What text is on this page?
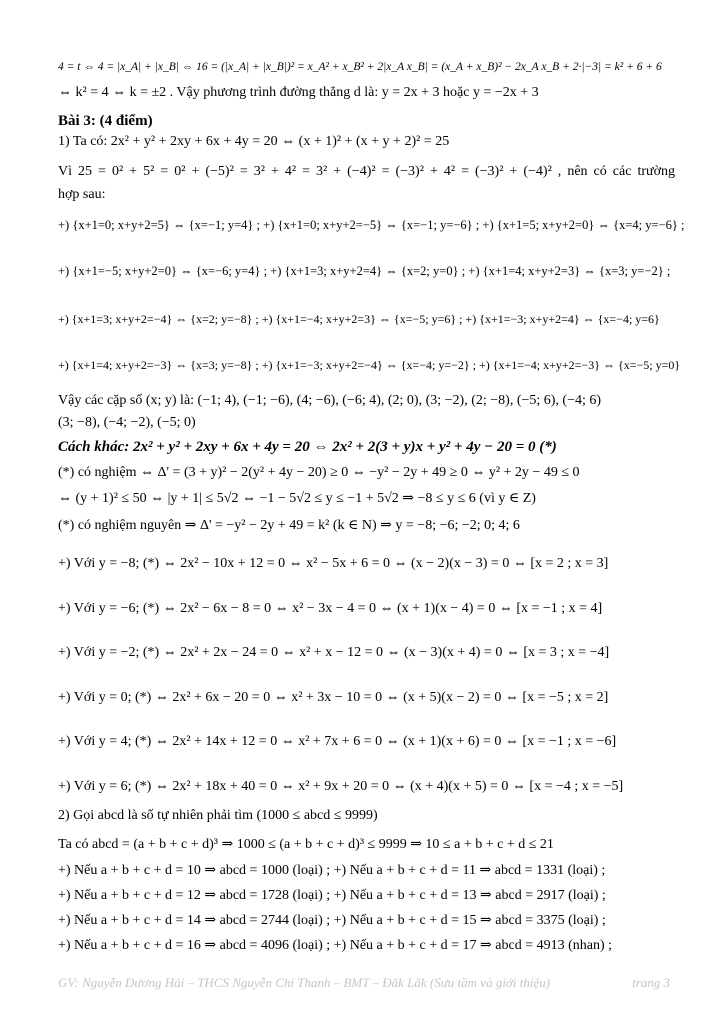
4 = t ⇔ 4 = |x_A| + |x_B| ⇔ 16 = (|x_A| + |x_B|)² = x_A² + x_B² + 2|x_A x_B| = (x_A + x_B)² − 2x_A x_B + 2·|−3| = k² + 6 + 6
⇔ k² = 4 ⇔ k = ±2 . Vậy phương trình đường thẳng d là: y = 2x + 3 hoặc y = −2x + 3
Bài 3: (4 điểm)
1) Ta có: 2x² + y² + 2xy + 6x + 4y = 20 ⇔ (x + 1)² + (x + y + 2)² = 25
Vì 25 = 0² + 5² = 0² + (−5)² = 3² + 4² = 3² + (−4)² = (−3)² + 4² = (−3)² + (−4)² , nên có các trường
hợp sau:
+) {x+1=0; x+y+2=5} ⇔ {x=−1; y=4} ; +) {x+1=0; x+y+2=−5} ⇔ {x=−1; y=−6} ; +) {x+1=5; x+y+2=0} ⇔ {x=4; y=−6} ;
+) {x+1=−5; x+y+2=0} ⇔ {x=−6; y=4} ; +) {x+1=3; x+y+2=4} ⇔ {x=2; y=0} ; +) {x+1=4; x+y+2=3} ⇔ {x=3; y=−2} ;
+) {x+1=3; x+y+2=−4} ⇔ {x=2; y=−8} ; +) {x+1=−4; x+y+2=3} ⇔ {x=−5; y=6} ; +) {x+1=−3; x+y+2=4} ⇔ {x=−4; y=6}
+) {x+1=4; x+y+2=−3} ⇔ {x=3; y=−8} ; +) {x+1=−3; x+y+2=−4} ⇔ {x=−4; y=−2} ; +) {x+1=−4; x+y+2=−3} ⇔ {x=−5; y=0}
Vậy các cặp số (x; y) là: (−1; 4), (−1; −6), (4; −6), (−6; 4), (2; 0), (3; −2), (2; −8), (−5; 6), (−4; 6)
(3; −8), (−4; −2), (−5; 0)
Cách khác: 2x² + y² + 2xy + 6x + 4y = 20 ⇔ 2x² + 2(3 + y)x + y² + 4y − 20 = 0 (*)
(*) có nghiệm ⇔ Δ' = (3 + y)² − 2(y² + 4y − 20) ≥ 0 ⇔ −y² − 2y + 49 ≥ 0 ⇔ y² + 2y − 49 ≤ 0
⇔ (y + 1)² ≤ 50 ⇔ |y + 1| ≤ 5√2 ⇔ −1 − 5√2 ≤ y ≤ −1 + 5√2 ⇒ −8 ≤ y ≤ 6 (vì y ∈ Z)
(*) có nghiệm nguyên ⇒ Δ' = −y² − 2y + 49 = k² (k ∈ N) ⇒ y = −8; −6; −2; 0; 4; 6
+) Với y = −8; (*) ⇔ 2x² − 10x + 12 = 0 ⇔ x² − 5x + 6 = 0 ⇔ (x − 2)(x − 3) = 0 ⇔ [x = 2 ; x = 3]
+) Với y = −6; (*) ⇔ 2x² − 6x − 8 = 0 ⇔ x² − 3x − 4 = 0 ⇔ (x + 1)(x − 4) = 0 ⇔ [x = −1 ; x = 4]
+) Với y = −2; (*) ⇔ 2x² + 2x − 24 = 0 ⇔ x² + x − 12 = 0 ⇔ (x − 3)(x + 4) = 0 ⇔ [x = 3 ; x = −4]
+) Với y = 0; (*) ⇔ 2x² + 6x − 20 = 0 ⇔ x² + 3x − 10 = 0 ⇔ (x + 5)(x − 2) = 0 ⇔ [x = −5 ; x = 2]
+) Với y = 4; (*) ⇔ 2x² + 14x + 12 = 0 ⇔ x² + 7x + 6 = 0 ⇔ (x + 1)(x + 6) = 0 ⇔ [x = −1 ; x = −6]
+) Với y = 6; (*) ⇔ 2x² + 18x + 40 = 0 ⇔ x² + 9x + 20 = 0 ⇔ (x + 4)(x + 5) = 0 ⇔ [x = −4 ; x = −5]
2) Gọi abcd là số tự nhiên phải tìm (1000 ≤ abcd ≤ 9999)
Ta có abcd = (a + b + c + d)³ ⇒ 1000 ≤ (a + b + c + d)³ ≤ 9999 ⇒ 10 ≤ a + b + c + d ≤ 21
+) Nếu a + b + c + d = 10 ⇒ abcd = 1000 (loại) ; +) Nếu a + b + c + d = 11 ⇒ abcd = 1331 (loại) ;
+) Nếu a + b + c + d = 12 ⇒ abcd = 1728 (loại) ; +) Nếu a + b + c + d = 13 ⇒ abcd = 2917 (loại) ;
+) Nếu a + b + c + d = 14 ⇒ abcd = 2744 (loại) ; +) Nếu a + b + c + d = 15 ⇒ abcd = 3375 (loại) ;
+) Nếu a + b + c + d = 16 ⇒ abcd = 4096 (loại) ; +) Nếu a + b + c + d = 17 ⇒ abcd = 4913 (nhan) ;
GV: Nguyễn Dương Hải – THCS Nguyễn Chí Thanh – BMT – Đăk Lăk (Sưu tầm và giới thiệu)	trang 3
